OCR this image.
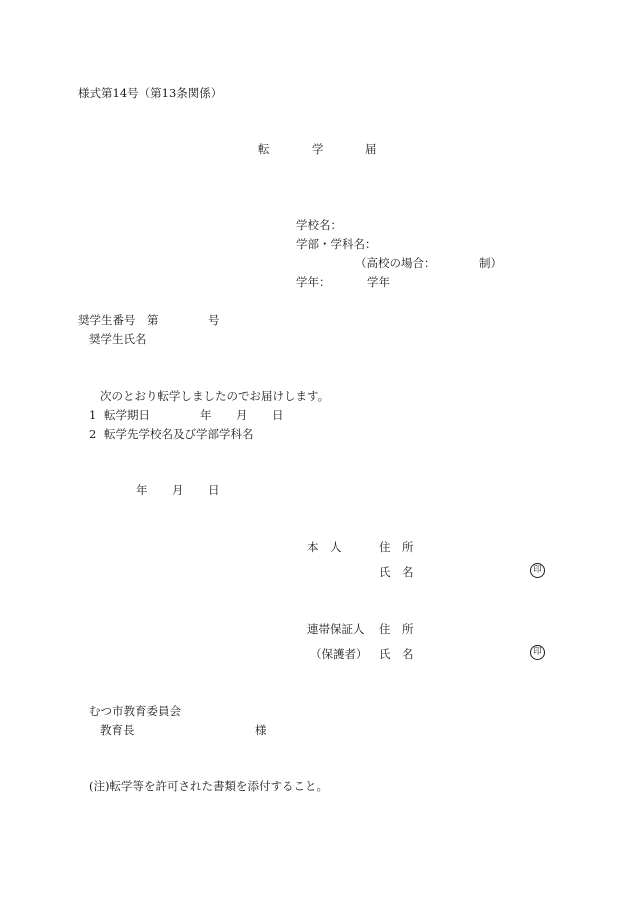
様式第14号（第13条関係）
転	学	届
学校名：
学部・学科名：
（高校の場合：	制）
学年：	学年
奨学生番号 第	号
奨学生氏名
次のとおり転学しましたのでお届けします。
1 転学期日	年 月 日
2 転学先学校名及び学部学科名
年 月 日
本　人	住　所
氏　名	印
連帯保証人 住　所
（保護者） 氏　名	印
むつ市教育委員会
教育長	様
(注)転学等を許可された書類を添付すること。
